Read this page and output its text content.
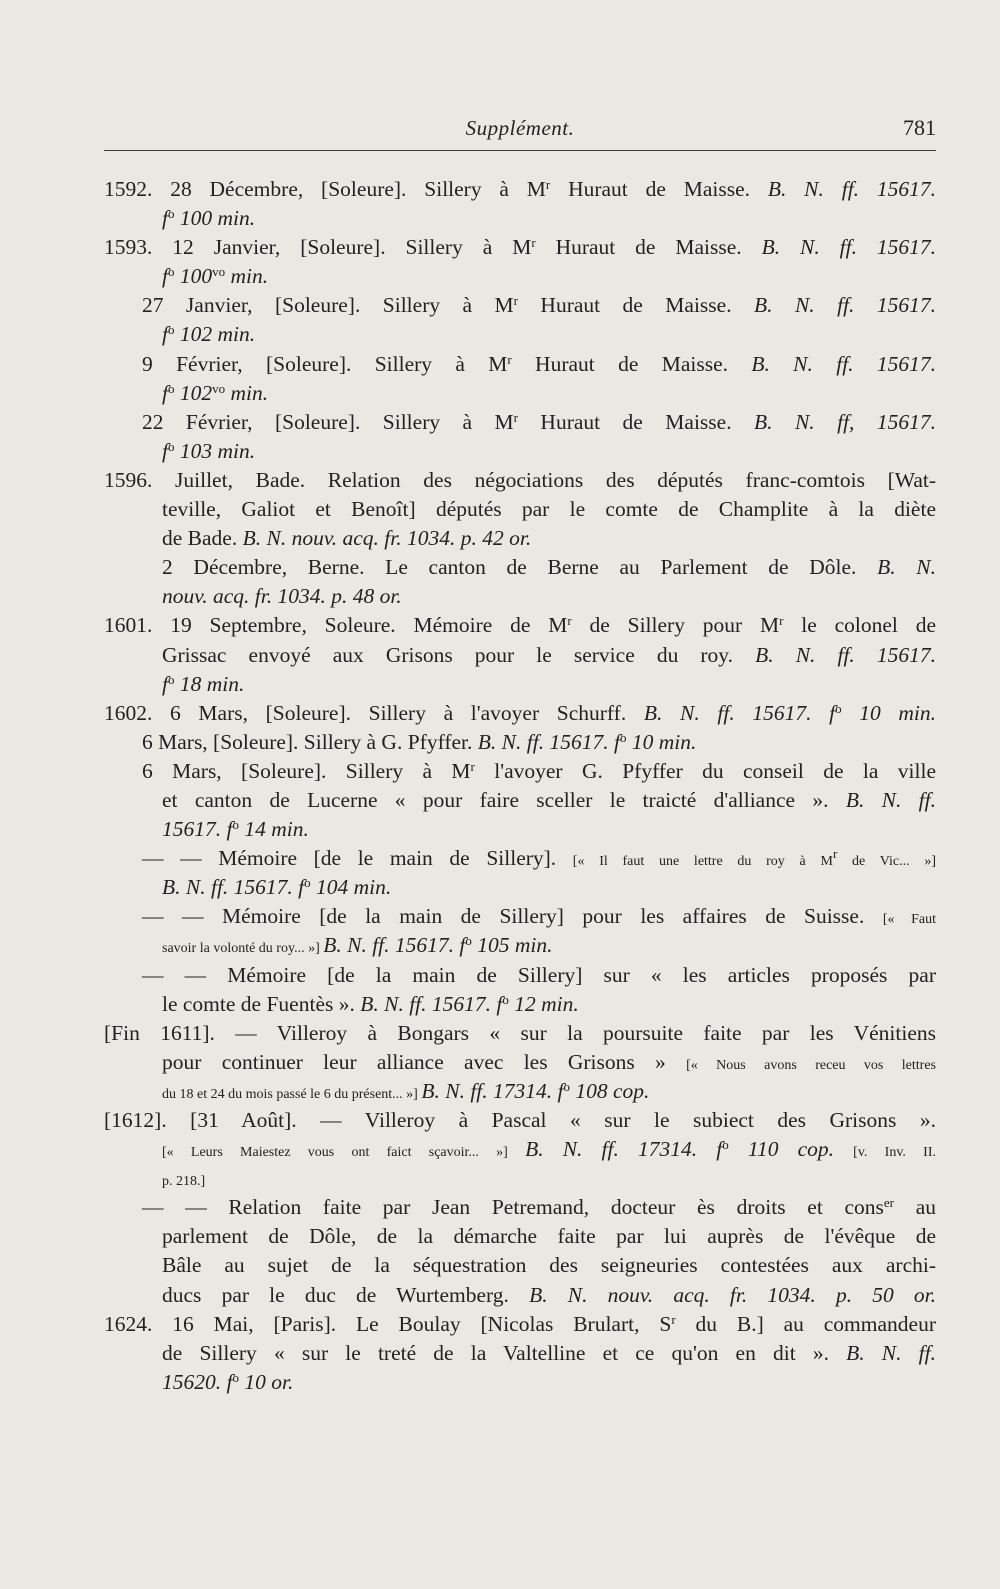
Supplément.	781
1592. 28 Décembre, [Soleure]. Sillery à $M^r$ Huraut de Maisse. B. N. ff. 15617.
$f^o$ 100 min.
1593. 12 Janvier, [Soleure]. Sillery à $M^r$ Huraut de Maisse. B. N. ff. 15617.
$f^o$ $100^{vo}$ min.
27 Janvier, [Soleure]. Sillery à $M^r$ Huraut de Maisse. B. N. ff. 15617.
$f^o$ 102 min.
9 Février, [Soleure]. Sillery à $M^r$ Huraut de Maisse. B. N. ff. 15617.
$f^o$ $102^{vo}$ min.
22 Février, [Soleure]. Sillery à $M^r$ Huraut de Maisse. B. N. ff, 15617.
$f^o$ 103 min.
1596. Juillet, Bade. Relation des négociations des députés franc-comtois [Wat-
teville, Galiot et Benoît] députés par le comte de Champlite à la diète
de Bade. B. N. nouv. acq. fr. 1034. p. 42 or.
2 Décembre, Berne. Le canton de Berne au Parlement de Dôle. B. N.
nouv. acq. fr. 1034. p. 48 or.
1601. 19 Septembre, Soleure. Mémoire de $M^r$ de Sillery pour $M^r$ le colonel de
Grissac envoyé aux Grisons pour le service du roy. B. N. ff. 15617.
$f^o$ 18 min.
1602. 6 Mars, [Soleure]. Sillery à l'avoyer Schurff. B. N. ff. 15617. $f^o$ 10 min.
6 Mars, [Soleure]. Sillery à G. Pfyffer. B. N. ff. 15617. $f^o$ 10 min.
6 Mars, [Soleure]. Sillery à $M^r$ l'avoyer G. Pfyffer du conseil de la ville
et canton de Lucerne « pour faire sceller le traicté d'alliance ». B. N. ff.
15617. $f^o$ 14 min.
— — Mémoire [de le main de Sillery]. [« Il faut une lettre du roy à $M^r$ de Vic... »]
B. N. ff. 15617. $f^o$ 104 min.
— — Mémoire [de la main de Sillery] pour les affaires de Suisse. [« Faut
savoir la volonté du roy... »] B. N. ff. 15617. $f^o$ 105 min.
— — Mémoire [de la main de Sillery] sur « les articles proposés par
le comte de Fuentès ». B. N. ff. 15617. $f^o$ 12 min.
[Fin 1611]. — Villeroy à Bongars « sur la poursuite faite par les Vénitiens
pour continuer leur alliance avec les Grisons » [« Nous avons receu vos lettres
du 18 et 24 du mois passé le 6 du présent... »] B. N. ff. 17314. $f^o$ 108 cop.
[1612]. [31 Août]. — Villeroy à Pascal « sur le subiect des Grisons ».
[« Leurs Maiestez vous ont faict sçavoir... »] B. N. ff. 17314. $f^o$ 110 cop. [v. Inv. II.
p. 218.]
— — Relation faite par Jean Petremand, docteur ès droits et cons$^{er}$ au
parlement de Dôle, de la démarche faite par lui auprès de l'évêque de
Bâle au sujet de la séquestration des seigneuries contestées aux archi-
ducs par le duc de Wurtemberg. B. N. nouv. acq. fr. 1034. p. 50 or.
1624. 16 Mai, [Paris]. Le Boulay [Nicolas Brulart, $S^r$ du B.] au commandeur
de Sillery « sur le treté de la Valtelline et ce qu'on en dit ». B. N. ff.
15620. $f^o$ 10 or.
